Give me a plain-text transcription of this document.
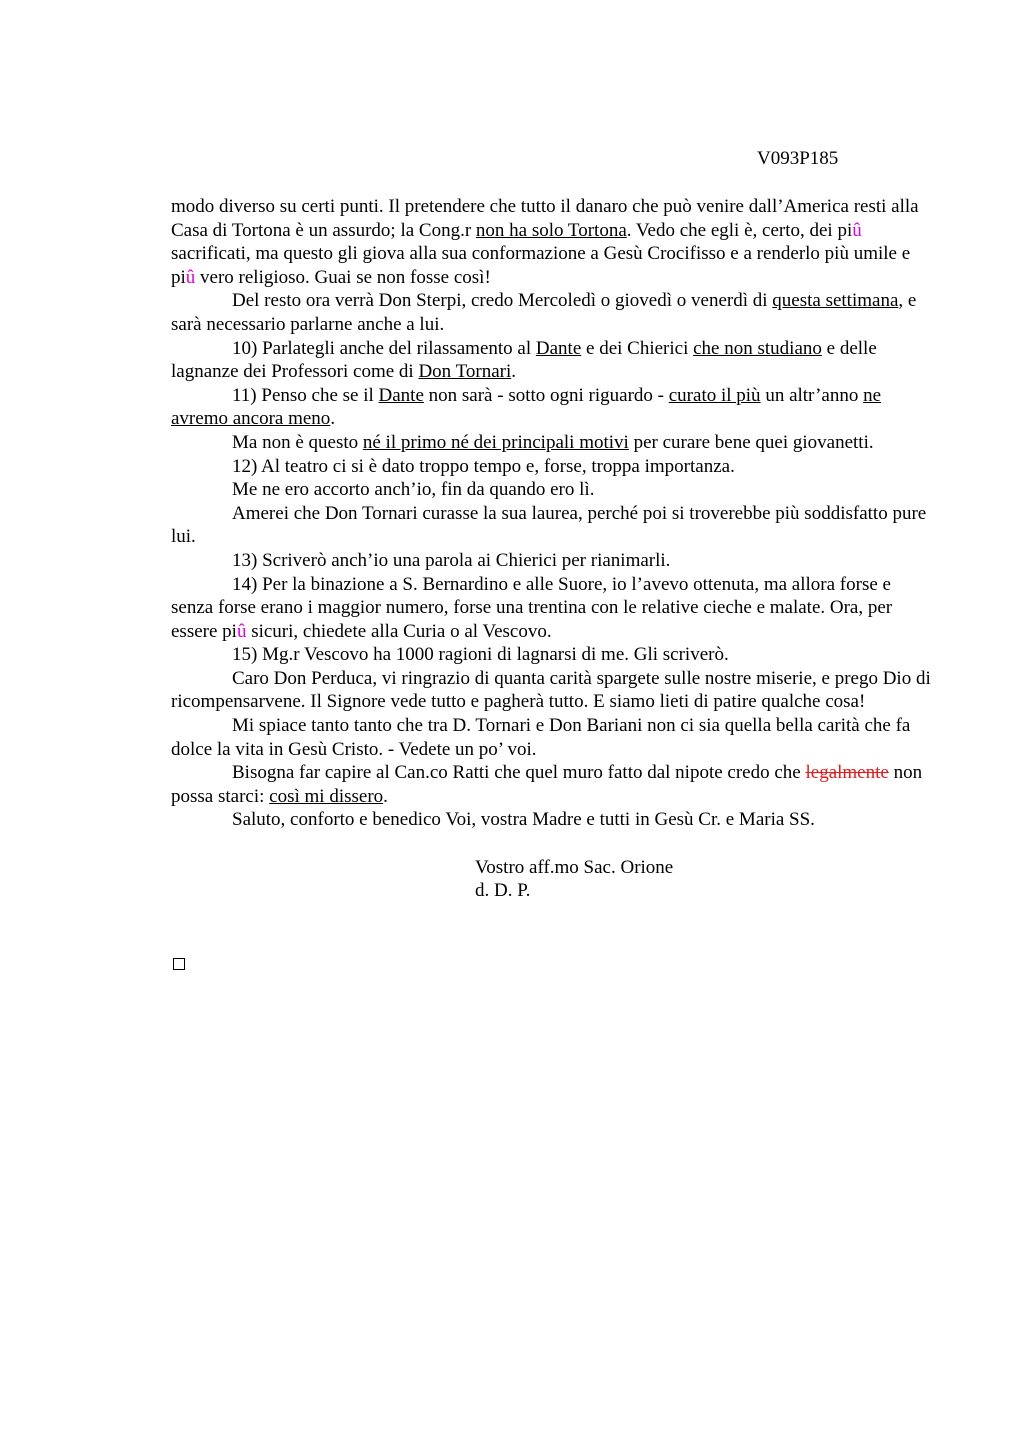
V093P185

modo diverso su certi punti. Il pretendere che tutto il danaro che può venire dall’America resti alla Casa di Tortona è un assurdo; la Cong.r non ha solo Tortona. Vedo che egli è, certo, dei piû sacrificati, ma questo gli giova alla sua conformazione a Gesù Crocifisso e a renderlo più umile e piû vero religioso. Guai se non fosse così!

Del resto ora verrà Don Sterpi, credo Mercoledì o giovedì o venerdì di questa settimana, e sarà necessario parlarne anche a lui.

10) Parlategli anche del rilassamento al Dante e dei Chierici che non studiano e delle lagnanze dei Professori come di Don Tornari.

11) Penso che se il Dante non sarà - sotto ogni riguardo - curato il più un altr’anno ne avremo ancora meno.

Ma non è questo né il primo né dei principali motivi per curare bene quei giovanetti.

12) Al teatro ci si è dato troppo tempo e, forse, troppa importanza.

Me ne ero accorto anch’io, fin da quando ero lì.

Amerei che Don Tornari curasse la sua laurea, perché poi si troverebbe più soddisfatto pure lui.

13) Scriverò anch’io una parola ai Chierici per rianimarli.

14) Per la binazione a S. Bernardino e alle Suore, io l’avevo ottenuta, ma allora forse e senza forse erano i maggior numero, forse una trentina con le relative cieche e malate. Ora, per essere piû sicuri, chiedete alla Curia o al Vescovo.

15) Mg.r Vescovo ha 1000 ragioni di lagnarsi di me. Gli scriverò.

Caro Don Perduca, vi ringrazio di quanta carità spargete sulle nostre miserie, e prego Dio di ricompensarvene. Il Signore vede tutto e pagherà tutto. E siamo lieti di patire qualche cosa!

Mi spiace tanto tanto che tra D. Tornari e Don Bariani non ci sia quella bella carità che fa dolce la vita in Gesù Cristo. - Vedete un po’ voi.

Bisogna far capire al Can.co Ratti che quel muro fatto dal nipote credo che legalmente non possa starci: così mi dissero.

Saluto, conforto e benedico Voi, vostra Madre e tutti in Gesù Cr. e Maria SS.

Vostro aff.mo Sac. Orione
d. D. P.
